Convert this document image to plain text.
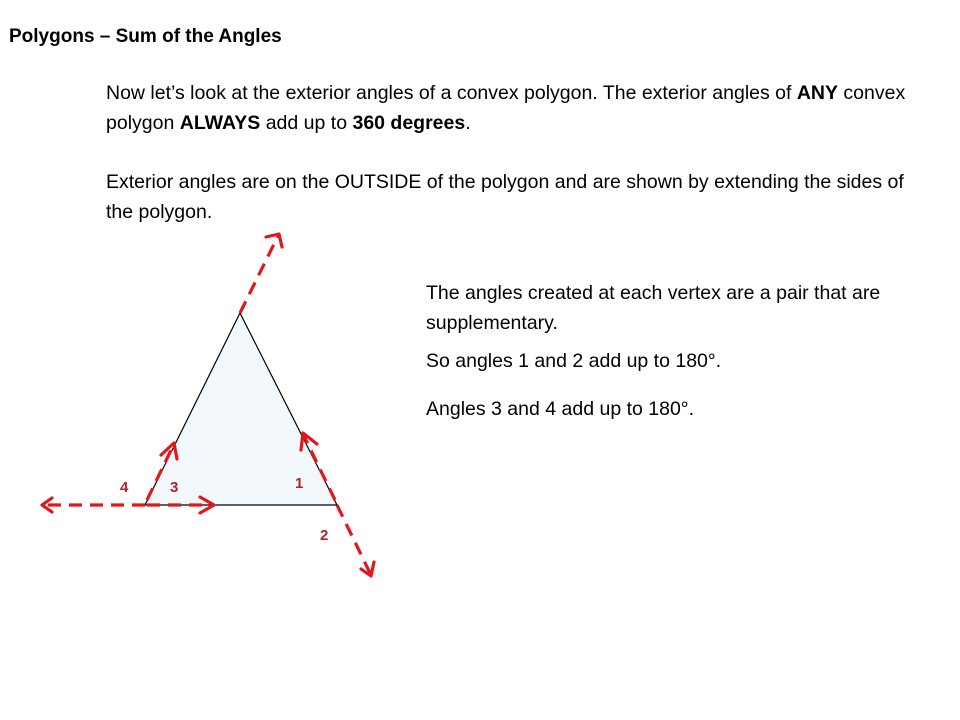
Polygons – Sum of the Angles
Now let’s look at the exterior angles of a convex polygon. The exterior angles of ANY convex polygon ALWAYS add up to 360 degrees.
Exterior angles are on the OUTSIDE of the polygon and are shown by extending the sides of the polygon.
The angles created at each vertex are a pair that are supplementary.
So angles 1 and 2 add up to 180°.
Angles 3 and 4 add up to 180°.
1
2
3
4
